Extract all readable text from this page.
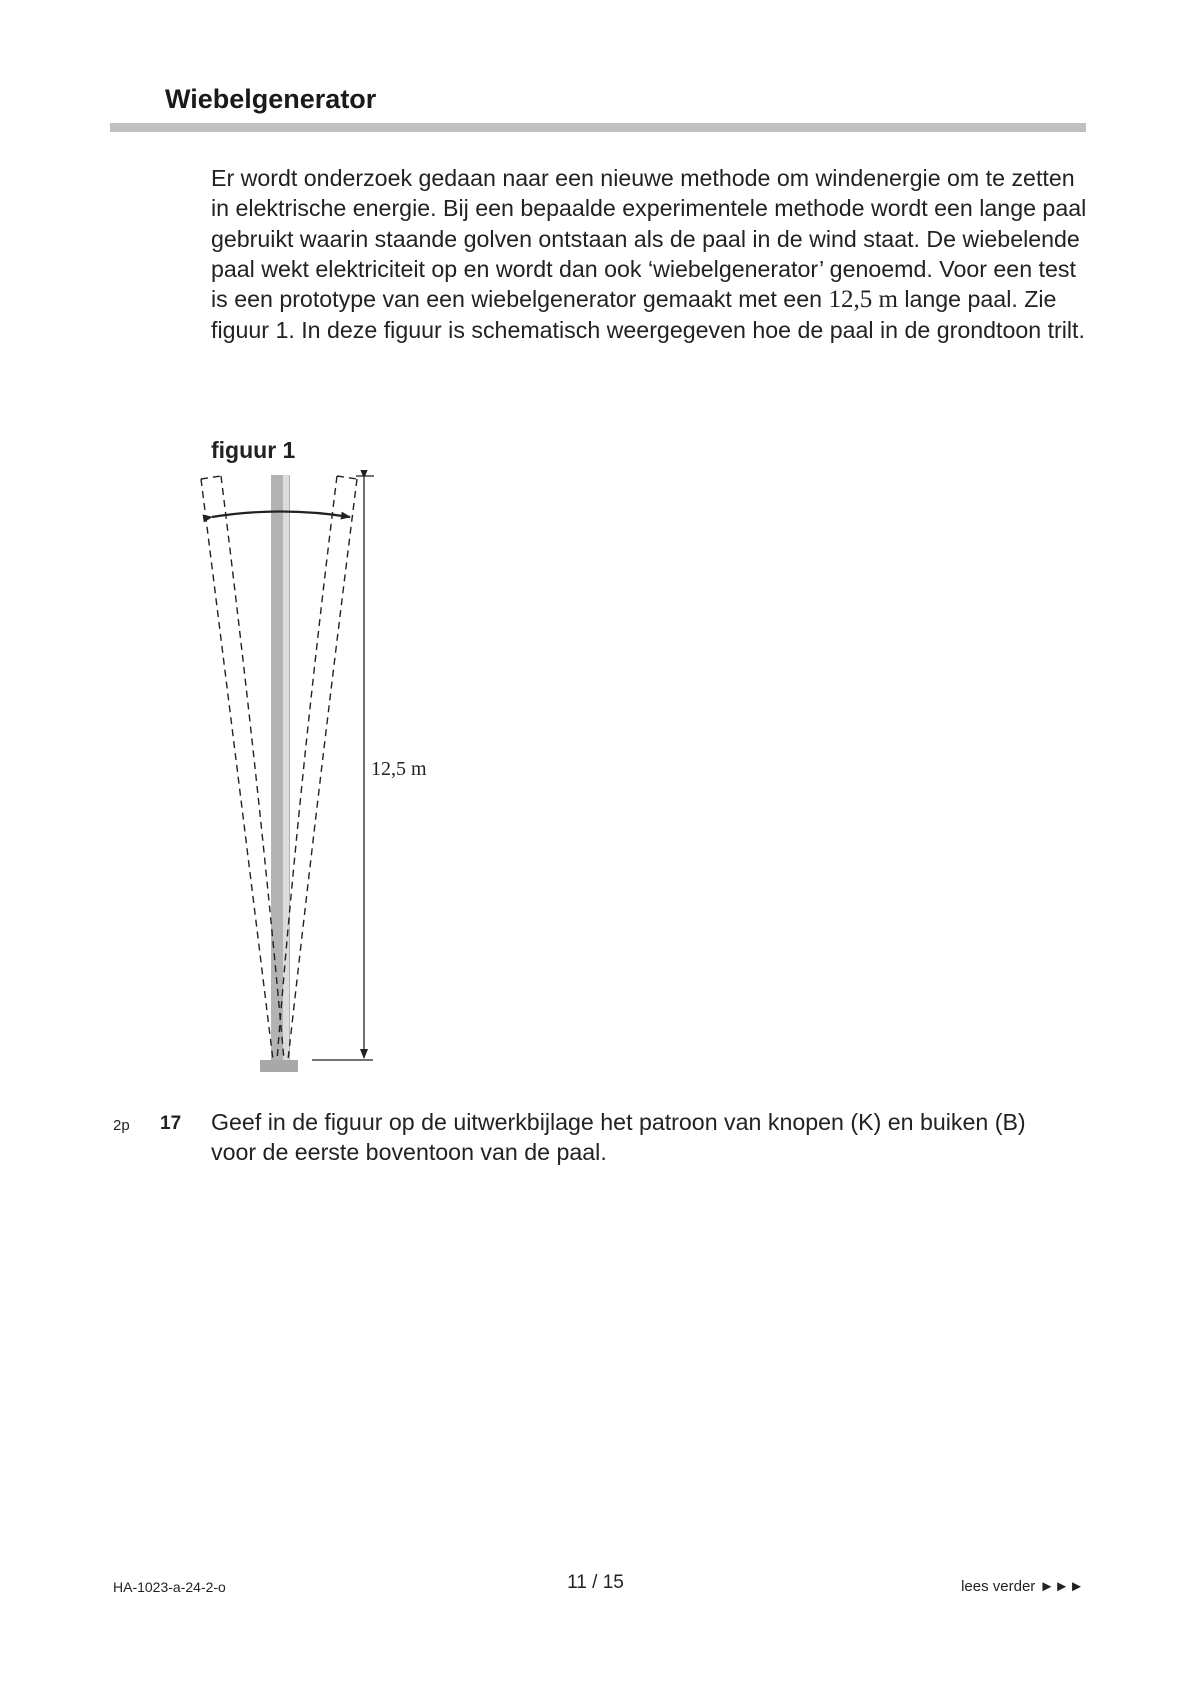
Wiebelgenerator

Er wordt onderzoek gedaan naar een nieuwe methode om windenergie om te zetten in elektrische energie. Bij een bepaalde experimentele methode wordt een lange paal gebruikt waarin staande golven ontstaan als de paal in de wind staat. De wiebelende paal wekt elektriciteit op en wordt dan ook ‘wiebelgenerator’ genoemd. Voor een test is een prototype van een wiebelgenerator gemaakt met een 12,5 m lange paal. Zie figuur 1. In deze figuur is schematisch weergegeven hoe de paal in de grondtoon trilt.

figuur 1
12,5 m
2p 17 Geef in de figuur op de uitwerkbijlage het patroon van knopen (K) en buiken (B) voor de eerste boventoon van de paal.
HA-1023-a-24-2-o	11 / 15	lees verder ►►►
